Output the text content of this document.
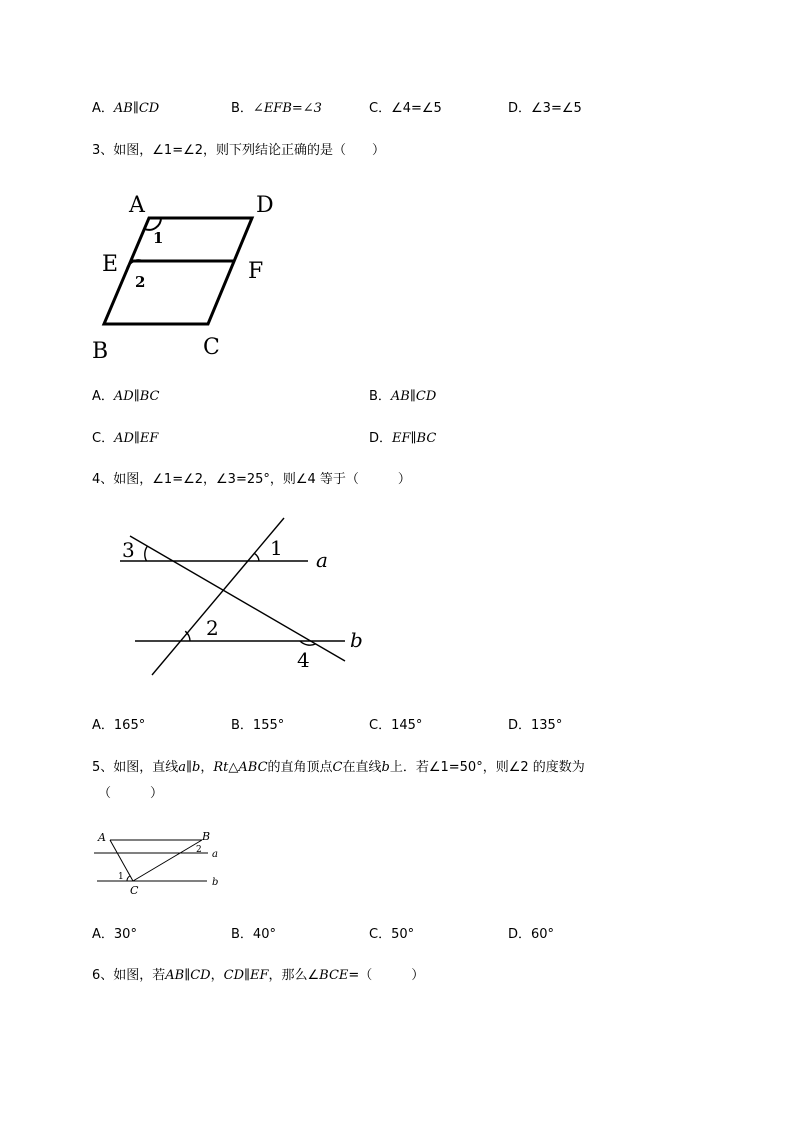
A．AB∥CD	B．∠EFB=∠3	C．∠4=∠5	D．∠3=∠5
3、如图，∠1=∠2，则下列结论正确的是（　　）
A	D
E	F
B	C
1
2
A．AD∥BC	B．AB∥CD
C．AD∥EF	D．EF∥BC
4、如图，∠1=∠2，∠3=25°，则∠4 等于（　　　）
3	1 a
2	b
4
A．165°	B．155°	C．145°	D．135°
5、如图，直线a∥b，Rt△ABC的直角顶点C在直线b上．若∠1=50°，则∠2 的度数为
（　　　）
A	B
C
1
2 a
b
A．30°	B．40°	C．50°	D．60°
6、如图，若AB∥CD，CD∥EF，那么∠BCE=（　　　）
